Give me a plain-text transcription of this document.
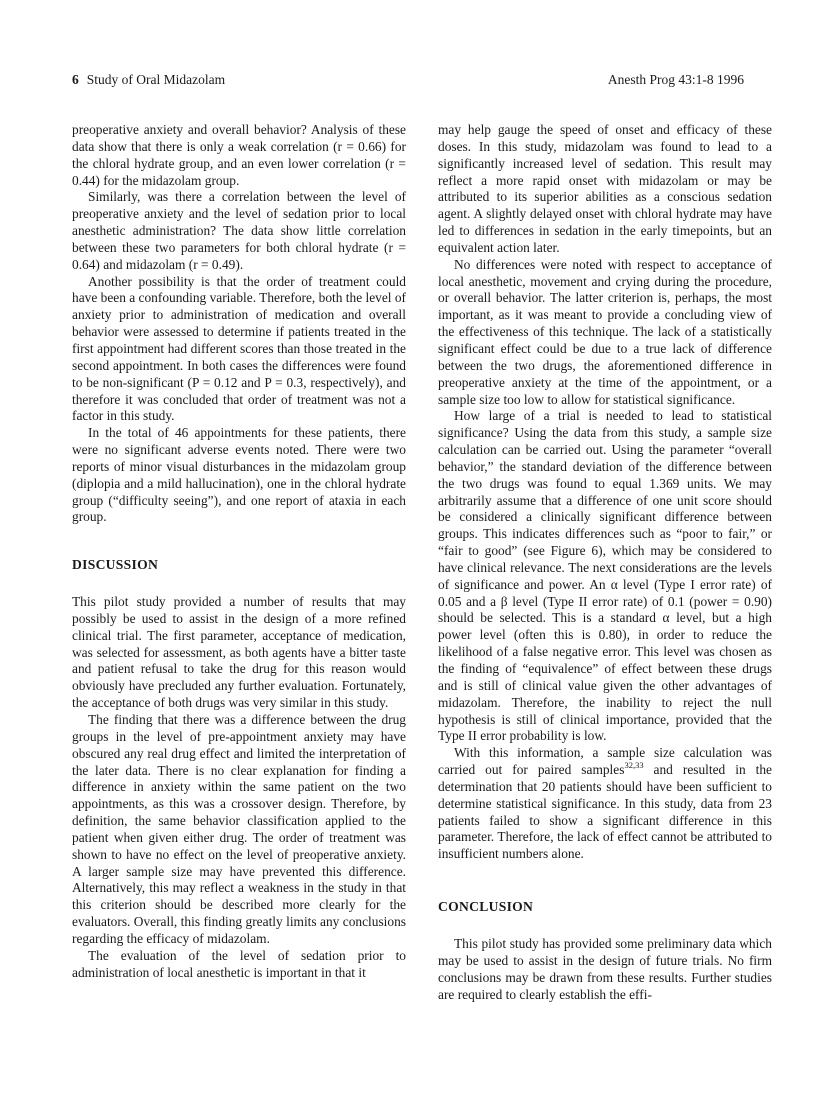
6 Study of Oral Midazolam	Anesth Prog 43:1-8 1996

preoperative anxiety and overall behavior? Analysis of these data show that there is only a weak correlation (r = 0.66) for the chloral hydrate group, and an even lower correlation (r = 0.44) for the midazolam group.

Similarly, was there a correlation between the level of preoperative anxiety and the level of sedation prior to local anesthetic administration? The data show little correlation between these two parameters for both chloral hydrate (r = 0.64) and midazolam (r = 0.49).

Another possibility is that the order of treatment could have been a confounding variable. Therefore, both the level of anxiety prior to administration of medication and overall behavior were assessed to determine if patients treated in the first appointment had different scores than those treated in the second appointment. In both cases the differences were found to be non-significant (P = 0.12 and P = 0.3, respectively), and therefore it was concluded that order of treatment was not a factor in this study.

In the total of 46 appointments for these patients, there were no significant adverse events noted. There were two reports of minor visual disturbances in the midazolam group (diplopia and a mild hallucination), one in the chloral hydrate group (“difficulty seeing”), and one report of ataxia in each group.

DISCUSSION

This pilot study provided a number of results that may possibly be used to assist in the design of a more refined clinical trial. The first parameter, acceptance of medication, was selected for assessment, as both agents have a bitter taste and patient refusal to take the drug for this reason would obviously have precluded any further evaluation. Fortunately, the acceptance of both drugs was very similar in this study.

The finding that there was a difference between the drug groups in the level of pre-appointment anxiety may have obscured any real drug effect and limited the interpretation of the later data. There is no clear explanation for finding a difference in anxiety within the same patient on the two appointments, as this was a crossover design. Therefore, by definition, the same behavior classification applied to the patient when given either drug. The order of treatment was shown to have no effect on the level of preoperative anxiety. A larger sample size may have prevented this difference. Alternatively, this may reflect a weakness in the study in that this criterion should be described more clearly for the evaluators. Overall, this finding greatly limits any conclusions regarding the efficacy of midazolam.

The evaluation of the level of sedation prior to administration of local anesthetic is important in that it

may help gauge the speed of onset and efficacy of these doses. In this study, midazolam was found to lead to a significantly increased level of sedation. This result may reflect a more rapid onset with midazolam or may be attributed to its superior abilities as a conscious sedation agent. A slightly delayed onset with chloral hydrate may have led to differences in sedation in the early timepoints, but an equivalent action later.

No differences were noted with respect to acceptance of local anesthetic, movement and crying during the procedure, or overall behavior. The latter criterion is, perhaps, the most important, as it was meant to provide a concluding view of the effectiveness of this technique. The lack of a statistically significant effect could be due to a true lack of difference between the two drugs, the aforementioned difference in preoperative anxiety at the time of the appointment, or a sample size too low to allow for statistical significance.

How large of a trial is needed to lead to statistical significance? Using the data from this study, a sample size calculation can be carried out. Using the parameter “overall behavior,” the standard deviation of the difference between the two drugs was found to equal 1.369 units. We may arbitrarily assume that a difference of one unit score should be considered a clinically significant difference between groups. This indicates differences such as “poor to fair,” or “fair to good” (see Figure 6), which may be considered to have clinical relevance. The next considerations are the levels of significance and power. An α level (Type I error rate) of 0.05 and a β level (Type II error rate) of 0.1 (power = 0.90) should be selected. This is a standard α level, but a high power level (often this is 0.80), in order to reduce the likelihood of a false negative error. This level was chosen as the finding of “equivalence” of effect between these drugs and is still of clinical value given the other advantages of midazolam. Therefore, the inability to reject the null hypothesis is still of clinical importance, provided that the Type II error probability is low.

With this information, a sample size calculation was carried out for paired samples$^{32,33}$ and resulted in the determination that 20 patients should have been sufficient to determine statistical significance. In this study, data from 23 patients failed to show a significant difference in this parameter. Therefore, the lack of effect cannot be attributed to insufficient numbers alone.

CONCLUSION

This pilot study has provided some preliminary data which may be used to assist in the design of future trials. No firm conclusions may be drawn from these results. Further studies are required to clearly establish the effi-
